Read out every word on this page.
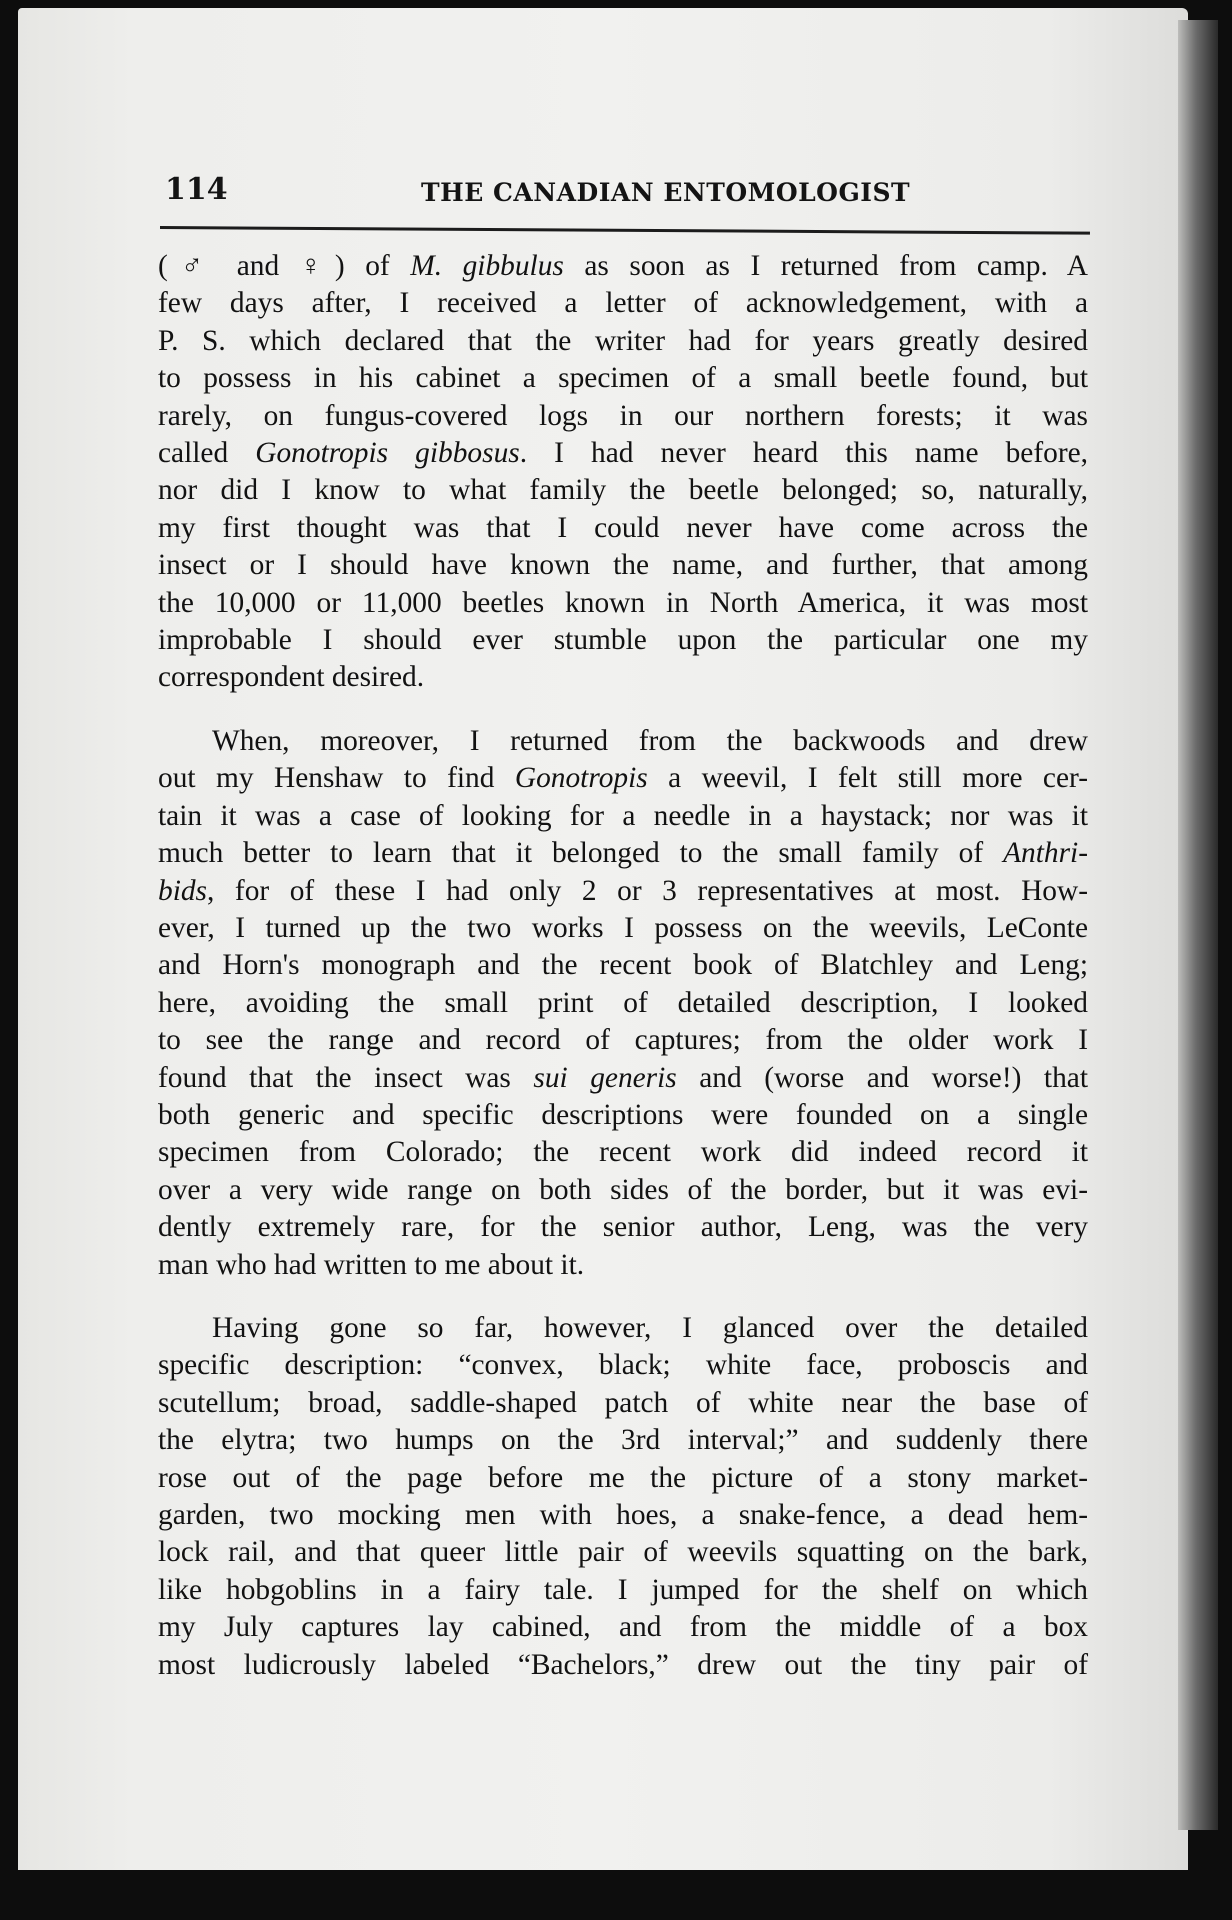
114	THE CANADIAN ENTOMOLOGIST

(♂ and ♀) of M. gibbulus as soon as I returned from camp. A
few days after, I received a letter of acknowledgement, with a
P. S. which declared that the writer had for years greatly desired
to possess in his cabinet a specimen of a small beetle found, but
rarely, on fungus-covered logs in our northern forests; it was
called Gonotropis gibbosus. I had never heard this name before,
nor did I know to what family the beetle belonged; so, naturally,
my first thought was that I could never have come across the
insect or I should have known the name, and further, that among
the 10,000 or 11,000 beetles known in North America, it was most
improbable I should ever stumble upon the particular one my
correspondent desired.

When, moreover, I returned from the backwoods and drew
out my Henshaw to find Gonotropis a weevil, I felt still more cer-
tain it was a case of looking for a needle in a haystack; nor was it
much better to learn that it belonged to the small family of Anthri-
bids, for of these I had only 2 or 3 representatives at most. How-
ever, I turned up the two works I possess on the weevils, LeConte
and Horn's monograph and the recent book of Blatchley and Leng;
here, avoiding the small print of detailed description, I looked
to see the range and record of captures; from the older work I
found that the insect was sui generis and (worse and worse!) that
both generic and specific descriptions were founded on a single
specimen from Colorado; the recent work did indeed record it
over a very wide range on both sides of the border, but it was evi-
dently extremely rare, for the senior author, Leng, was the very
man who had written to me about it.

Having gone so far, however, I glanced over the detailed
specific description: “convex, black; white face, proboscis and
scutellum; broad, saddle-shaped patch of white near the base of
the elytra; two humps on the 3rd interval;” and suddenly there
rose out of the page before me the picture of a stony market-
garden, two mocking men with hoes, a snake-fence, a dead hem-
lock rail, and that queer little pair of weevils squatting on the bark,
like hobgoblins in a fairy tale. I jumped for the shelf on which
my July captures lay cabined, and from the middle of a box
most ludicrously labeled “Bachelors,” drew out the tiny pair of
